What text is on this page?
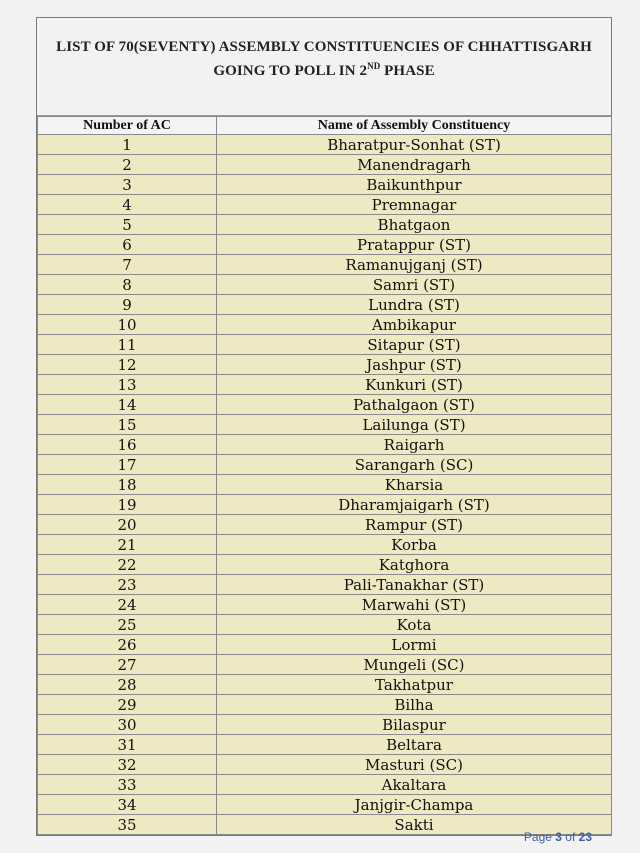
LIST OF 70(SEVENTY) ASSEMBLY CONSTITUENCIES OF CHHATTISGARH
GOING TO POLL IN 2ND PHASE
Number of AC	Name of Assembly Constituency
1	Bharatpur-Sonhat (ST)
2	Manendragarh
3	Baikunthpur
4	Premnagar
5	Bhatgaon
6	Pratappur (ST)
7	Ramanujganj (ST)
8	Samri (ST)
9	Lundra (ST)
10	Ambikapur
11	Sitapur (ST)
12	Jashpur (ST)
13	Kunkuri (ST)
14	Pathalgaon (ST)
15	Lailunga (ST)
16	Raigarh
17	Sarangarh (SC)
18	Kharsia
19	Dharamjaigarh (ST)
20	Rampur (ST)
21	Korba
22	Katghora
23	Pali-Tanakhar (ST)
24	Marwahi (ST)
25	Kota
26	Lormi
27	Mungeli (SC)
28	Takhatpur
29	Bilha
30	Bilaspur
31	Beltara
32	Masturi (SC)
33	Akaltara
34	Janjgir-Champa
35	Sakti
Page 3 of 23
